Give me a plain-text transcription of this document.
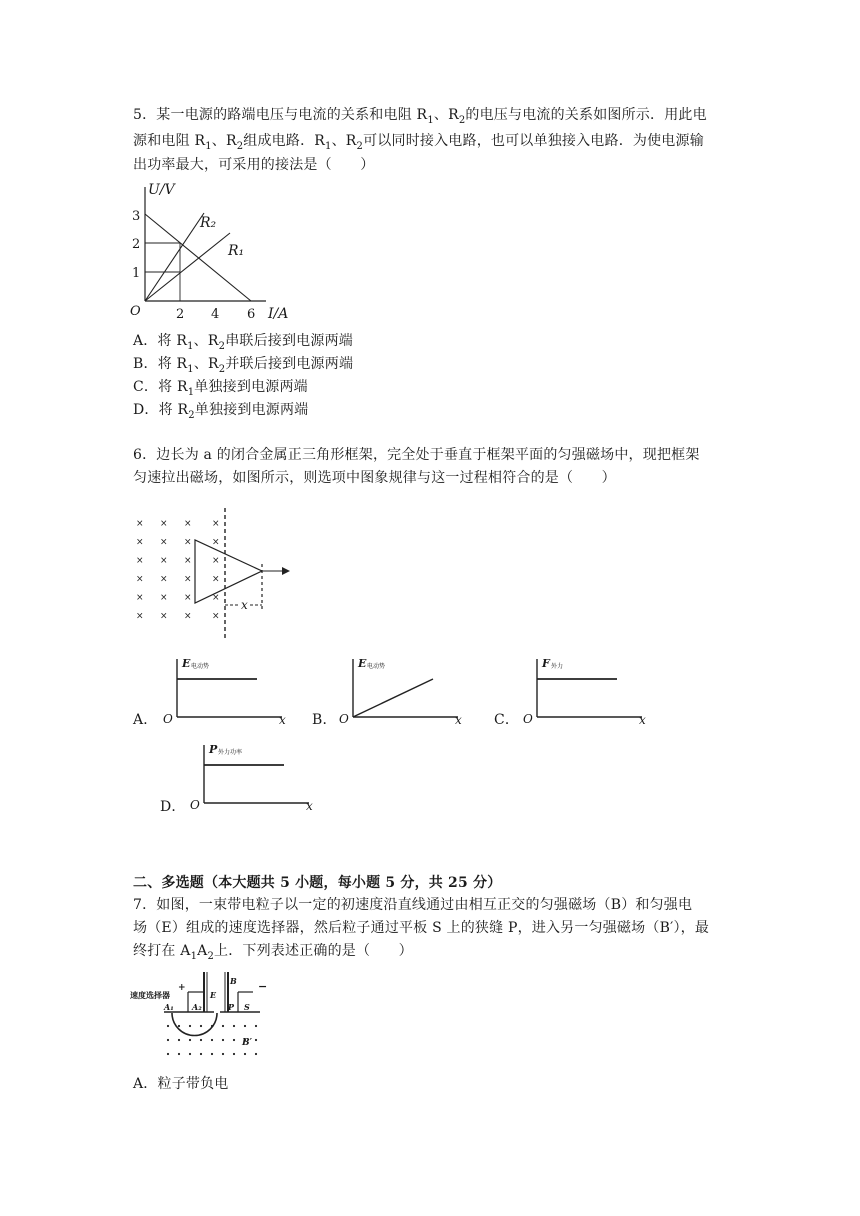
5．某一电源的路端电压与电流的关系和电阻 $R_1$、$R_2$的电压与电流的关系如图所示．用此电
源和电阻 $R_1$、$R_2$组成电路．$R_1$、$R_2$可以同时接入电路，也可以单独接入电路．为使电源输
出功率最大，可采用的接法是（　　）
U/V
I/A
O
3
2
1
2 4 6
R₂
R₁
A．将 $R_1$、$R_2$串联后接到电源两端
B．将 $R_1$、$R_2$并联后接到电源两端
C．将 $R_1$单独接到电源两端
D．将 $R_2$单独接到电源两端
6．边长为 a 的闭合金属正三角形框架，完全处于垂直于框架平面的匀强磁场中，现把框架
匀速拉出磁场，如图所示，则选项中图象规律与这一过程相符合的是（　　）
× × × ×
× × × ×
× × × ×
× × × ×
× × × ×
× × × ×
x
A．
E 电动势
O	x B．
E 电动势
O	x C．
F 外力
O	x
D．
P 外力功率
O	x
二、多选题（本大题共 5 小题，每小题 5 分，共 25 分）
7．如图，一束带电粒子以一定的初速度沿直线通过由相互正交的匀强磁场（B）和匀强电
场（E）组成的速度选择器，然后粒子通过平板 S 上的狭缝 P，进入另一匀强磁场（B′），最
终打在 $A_1A_2$上．下列表述正确的是（　　）
速度选择器
+	−
E
B
A₁ A₂	P S
B′
A．粒子带负电
